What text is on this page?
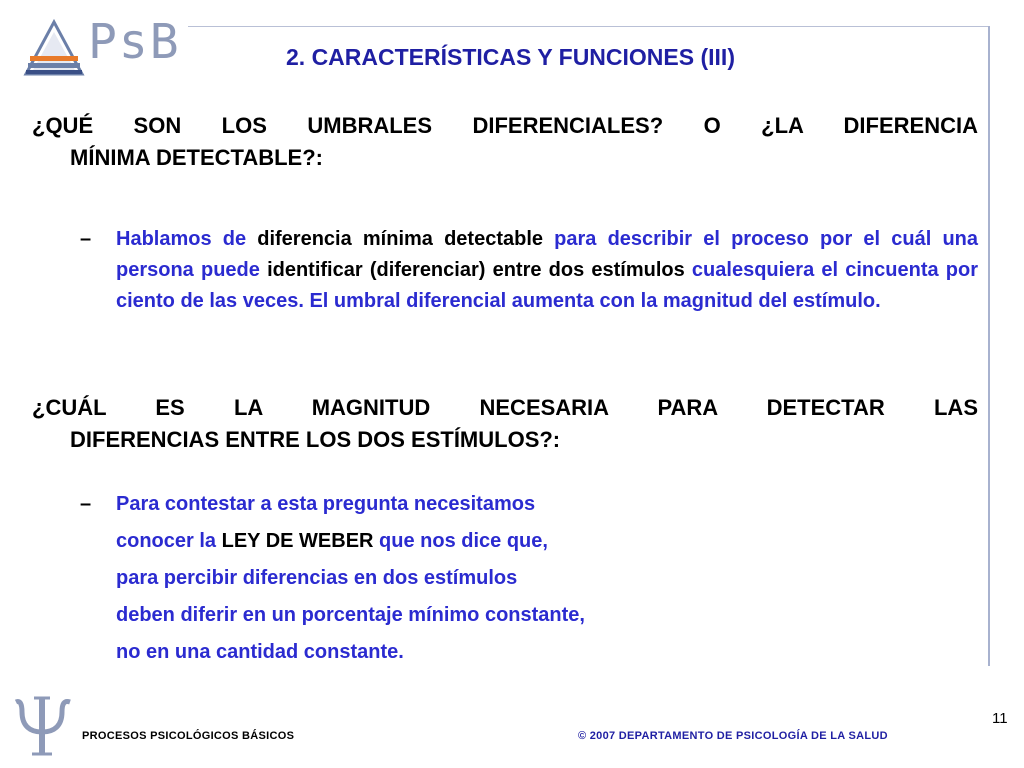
PsB	2. CARACTERÍSTICAS Y FUNCIONES (III)
¿QUÉ SON LOS UMBRALES DIFERENCIALES? O ¿LA DIFERENCIA
MÍNIMA DETECTABLE?:
– Hablamos de diferencia mínima detectable para describir el proceso por el cuál una persona puede identificar (diferenciar) entre dos estímulos cualesquiera el cincuenta por ciento de las veces. El umbral diferencial aumenta con la magnitud del estímulo.
¿CUÁL ES LA MAGNITUD NECESARIA PARA DETECTAR LAS
DIFERENCIAS ENTRE LOS DOS ESTÍMULOS?:
– Para contestar a esta pregunta necesitamos
conocer la LEY DE WEBER que nos dice que,
para percibir diferencias en dos estímulos
deben diferir en un porcentaje mínimo constante,
no en una cantidad constante.
PROCESOS PSICOLÓGICOS BÁSICOS	© 2007 DEPARTAMENTO DE PSICOLOGÍA DE LA SALUD
11
